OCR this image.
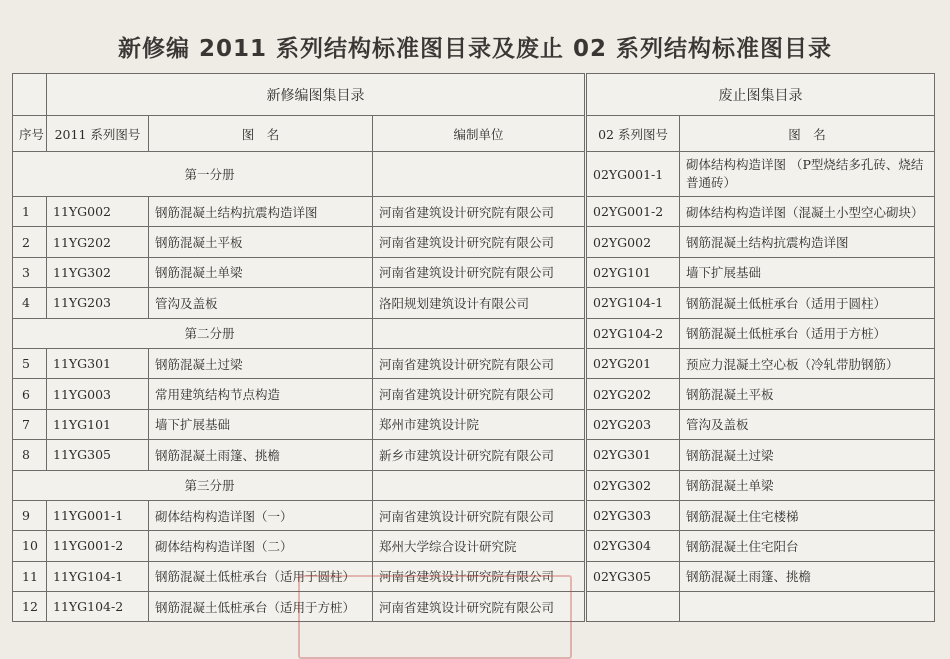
新修编 2011 系列结构标准图目录及废止 02 系列结构标准图目录
	新修编图集目录			废止图集目录	
序号	2011 系列图号	图　名	编制单位	02 系列图号	图　名
第一分册				02YG001-1	砌体结构构造详图 （P型烧结多孔砖、烧结普通砖）
1	11YG002	钢筋混凝土结构抗震构造详图	河南省建筑设计研究院有限公司	02YG001-2	砌体结构构造详图（混凝土小型空心砌块）
2	11YG202	钢筋混凝土平板	河南省建筑设计研究院有限公司	02YG002	钢筋混凝土结构抗震构造详图
3	11YG302	钢筋混凝土单梁	河南省建筑设计研究院有限公司	02YG101	墙下扩展基础
4	11YG203	管沟及盖板	洛阳规划建筑设计有限公司	02YG104-1	钢筋混凝土低桩承台（适用于圆柱）
第二分册				02YG104-2	钢筋混凝土低桩承台（适用于方桩）
5	11YG301	钢筋混凝土过梁	河南省建筑设计研究院有限公司	02YG201	预应力混凝土空心板（冷轧带肋钢筋）
6	11YG003	常用建筑结构节点构造	河南省建筑设计研究院有限公司	02YG202	钢筋混凝土平板
7	11YG101	墙下扩展基础	郑州市建筑设计院	02YG203	管沟及盖板
8	11YG305	钢筋混凝土雨篷、挑檐	新乡市建筑设计研究院有限公司	02YG301	钢筋混凝土过梁
第三分册				02YG302	钢筋混凝土单梁
9	11YG001-1	砌体结构构造详图（一）	河南省建筑设计研究院有限公司	02YG303	钢筋混凝土住宅楼梯
10	11YG001-2	砌体结构构造详图（二）	郑州大学综合设计研究院	02YG304	钢筋混凝土住宅阳台
11	11YG104-1	钢筋混凝土低桩承台（适用于圆柱）	河南省建筑设计研究院有限公司	02YG305	钢筋混凝土雨篷、挑檐
12	11YG104-2	钢筋混凝土低桩承台（适用于方桩）	河南省建筑设计研究院有限公司		
